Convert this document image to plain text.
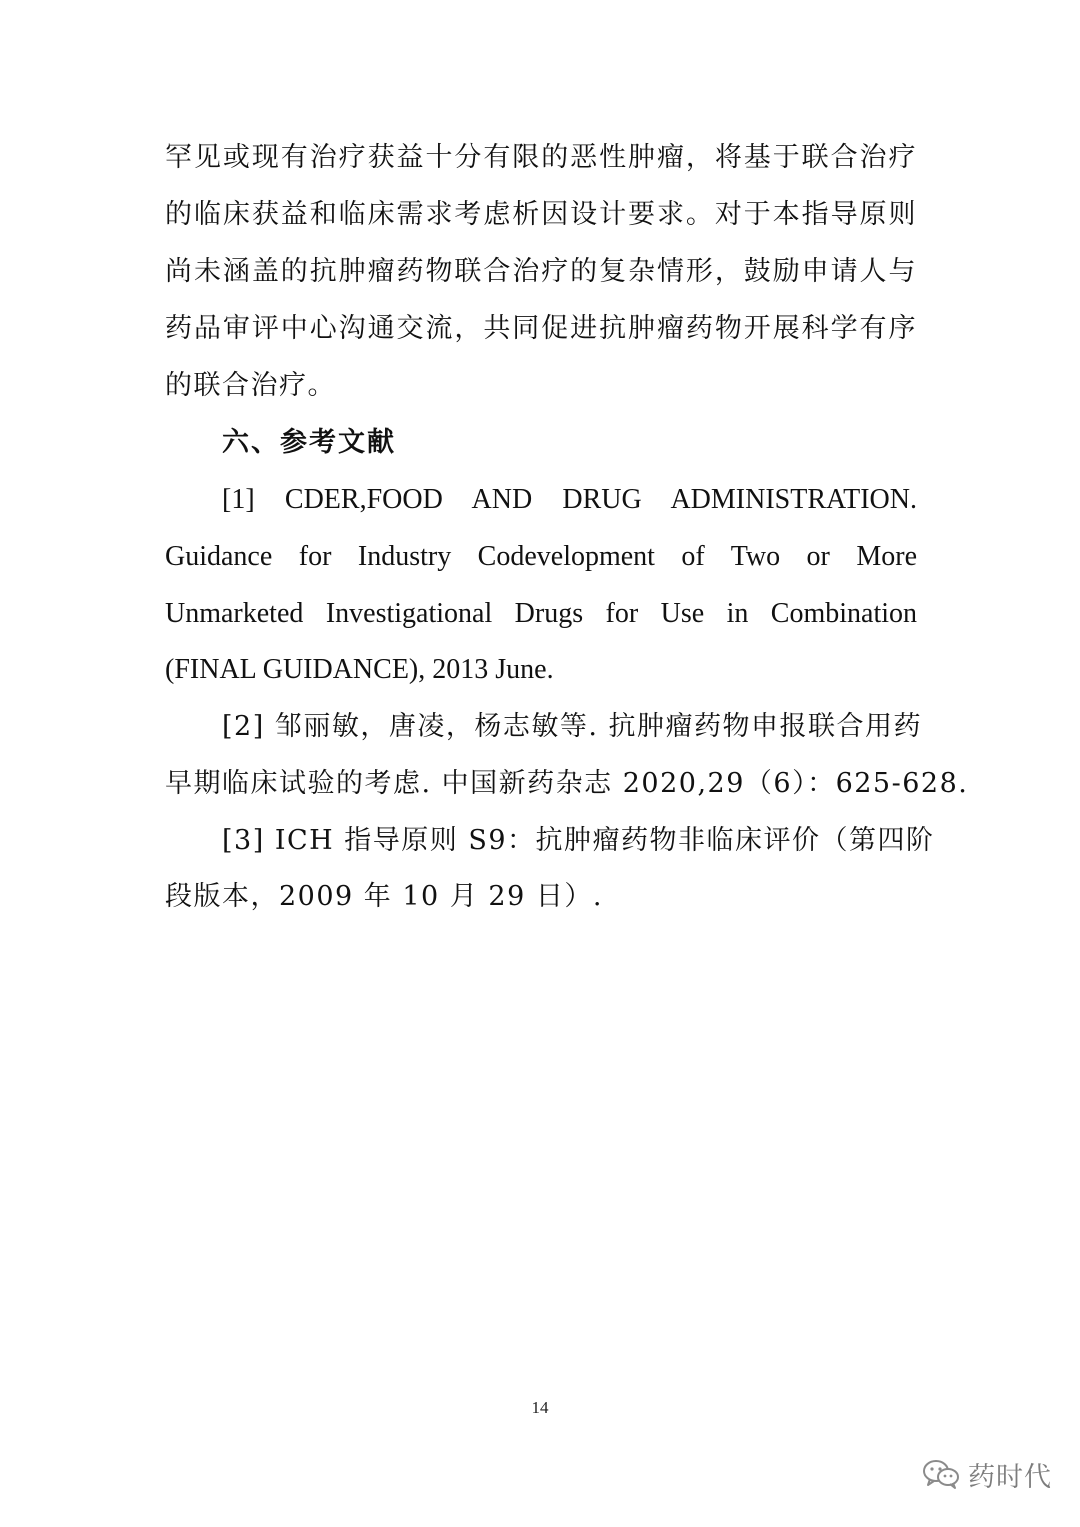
罕见或现有治疗获益十分有限的恶性肿瘤，将基于联合治疗
的临床获益和临床需求考虑析因设计要求。对于本指导原则
尚未涵盖的抗肿瘤药物联合治疗的复杂情形，鼓励申请人与
药品审评中心沟通交流，共同促进抗肿瘤药物开展科学有序
的联合治疗。
六、参考文献
[1] CDER,FOOD AND DRUG ADMINISTRATION.
Guidance for Industry Codevelopment of Two or More
Unmarketed Investigational Drugs for Use in Combination
(FINAL GUIDANCE), 2013 June.
[2] 邹丽敏，唐凌，杨志敏等. 抗肿瘤药物申报联合用药
早期临床试验的考虑. 中国新药杂志 2020,29（6）：625-628.
[3] ICH 指导原则 S9：抗肿瘤药物非临床评价（第四阶
段版本，2009 年 10 月 29 日）.
14
药时代
